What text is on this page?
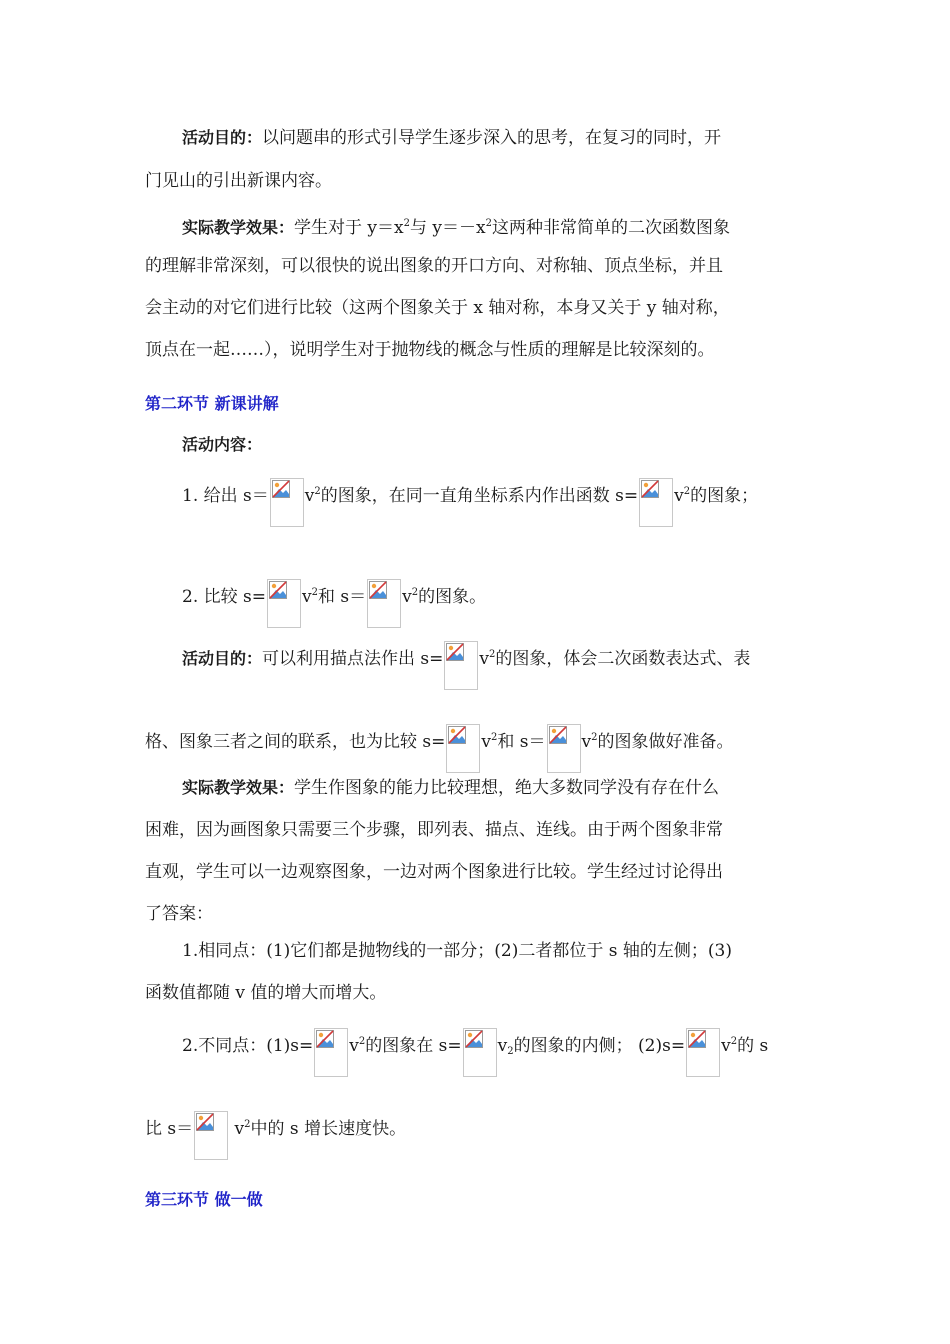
活动目的：以问题串的形式引导学生逐步深入的思考，在复习的同时，开
门见山的引出新课内容。
实际教学效果：学生对于 $y=x^2$与 $y=-x^2$这两种非常简单的二次函数图象
的理解非常深刻，可以很快的说出图象的开口方向、对称轴、顶点坐标，并且
会主动的对它们进行比较（这两个图象关于 x 轴对称，本身又关于 y 轴对称，
顶点在一起……），说明学生对于抛物线的概念与性质的理解是比较深刻的。
第二环节 新课讲解
活动内容：
1. 给出 $s= v^2$的图象，在同一直角坐标系内作出函数 $s= v^2$的图象；
2. 比较 $s= v^2$和 $s= v^2$的图象。
活动目的：可以利用描点法作出 $s= v^2$的图象，体会二次函数表达式、表
格、图象三者之间的联系，也为比较 $s= v^2$和 $s= v^2$的图象做好准备。
实际教学效果：学生作图象的能力比较理想，绝大多数同学没有存在什么
困难，因为画图象只需要三个步骤，即列表、描点、连线。由于两个图象非常
直观，学生可以一边观察图象，一边对两个图象进行比较。学生经过讨论得出
了答案：
1.相同点：(1)它们都是抛物线的一部分；(2)二者都位于 s 轴的左侧；(3)
函数值都随 v 值的增大而增大。
2.不同点：$(1)s= v^2$的图象在 $s= v_2$的图象的内侧； $(2)s= v^2$的 s
比 $s= v^2$中的 s 增长速度快。
第三环节 做一做
